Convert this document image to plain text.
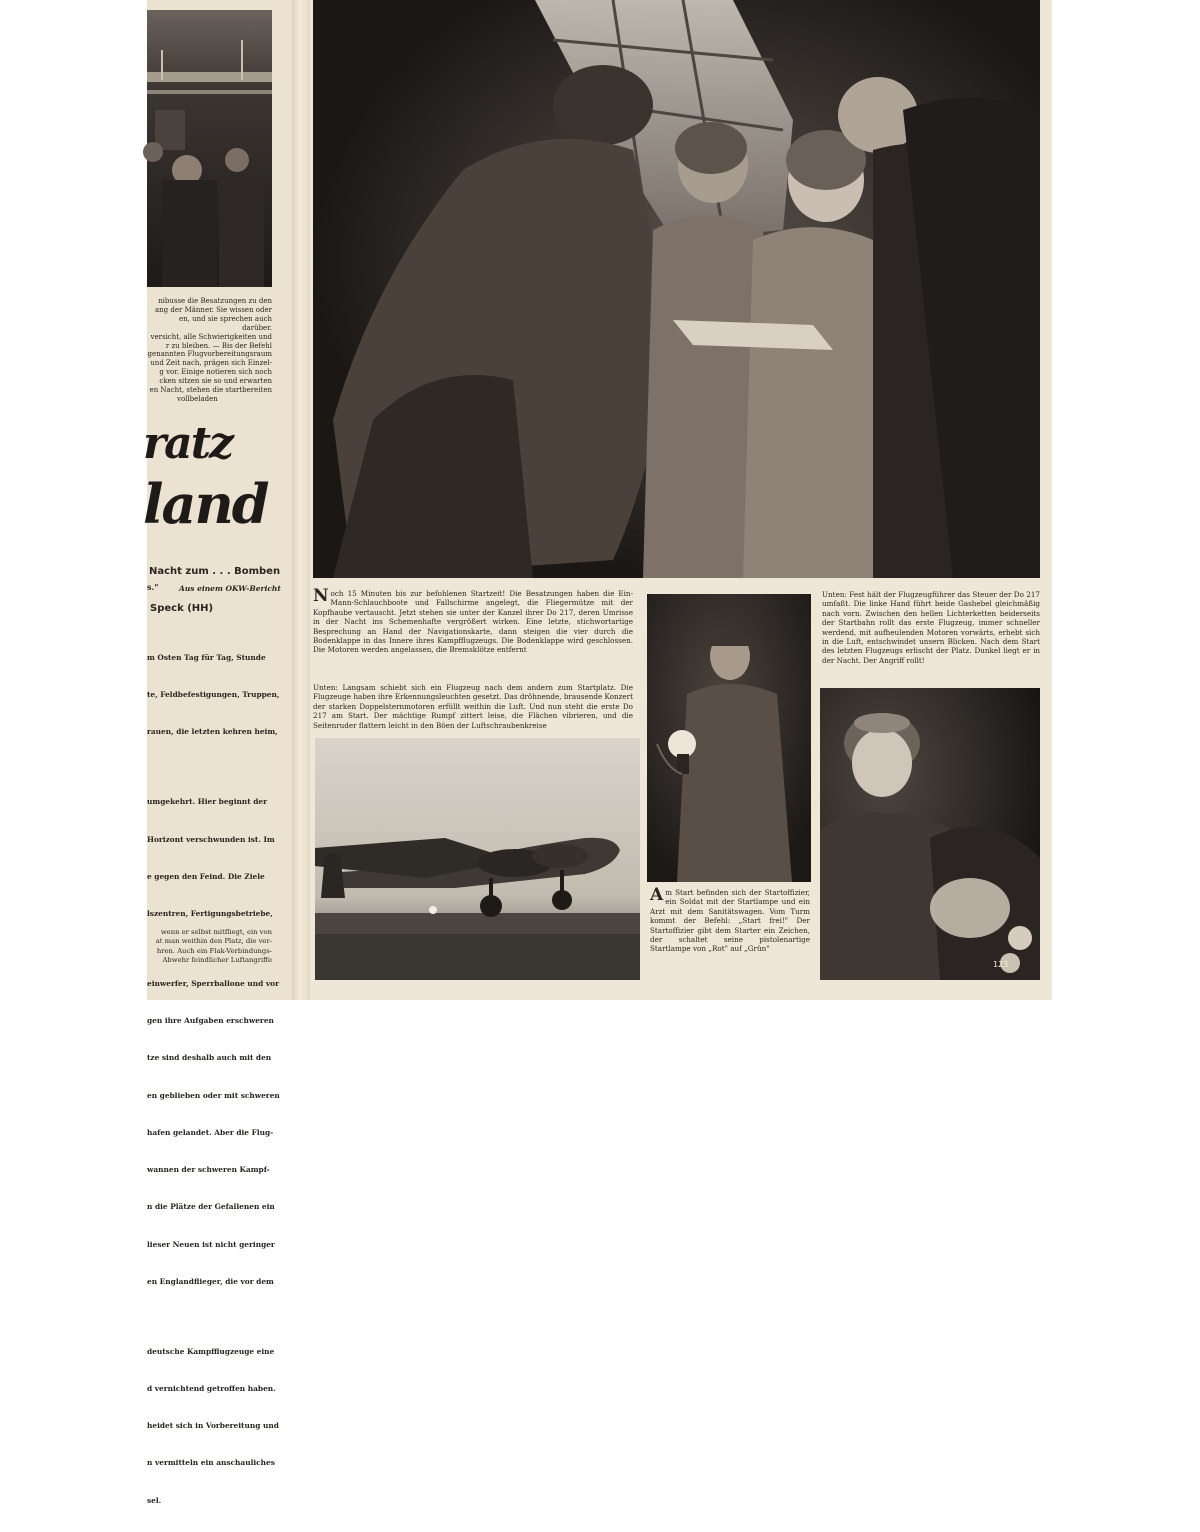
nibusse die Besatzungen zu den
ang der Männer. Sie wissen oder
en, und sie sprechen auch darüber.
versicht, alle Schwierigkeiten und
r zu bleiben. — Bis der Befehl
genannten Flugvorbereitungsraum
und Zeit nach, prägen sich Einzel-
g vor. Einige notieren sich noch
cken sitzen sie so und erwarten
en Nacht, stehen die startbereiten
vollbeladen
ratz
land
Nacht zum . . . Bomben
s."	Aus einem OKW-Bericht
Speck (HH)

m Osten Tag für Tag, Stunde

te, Feldbefestigungen, Truppen,

rauen, die letzten kehren heim,

umgekehrt. Hier beginnt der

Horizont verschwunden ist. Im

e gegen den Feind. Die Ziele

lszentren, Fertigungsbetriebe,

einwerfer, Sperrballone und vor

gen ihre Aufgaben erschweren

tze sind deshalb auch mit den

en geblieben oder mit schweren

hafen gelandet. Aber die Flug-

wannen der schweren Kampf-

n die Plätze der Gefallenen ein

lieser Neuen ist nicht geringer

en Englandflieger, die vor dem

deutsche Kampfflugzeuge eine

d vernichtend getroffen haben.

heidet sich in Vorbereitung und

n vermitteln ein anschauliches

sel.

wenn er selbst mitfliegt, ein von
at man weithin den Platz, die ver-
hren. Auch ein Flak-Verbindungs-
Abwehr feindlicher Luftangriffe
Noch 15 Minuten bis zur befohlenen Startzeit! Die Besatzungen haben die Ein-Mann-Schlauchboote und Fallschirme angelegt, die Fliegermütze mit der Kopfhaube vertauscht. Jetzt stehen sie unter der Kanzel ihrer Do 217, deren Umrisse in der Nacht ins Schemenhafte vergrößert wirken. Eine letzte, stichwortartige Besprechung an Hand der Navigationskarte, dann steigen die vier durch die Bodenklappe in das Innere ihres Kampfflugzeugs. Die Bodenklappe wird geschlossen. Die Motoren werden angelassen, die Bremsklötze entfernt
Unten: Langsam schiebt sich ein Flugzeug nach dem andern zum Startplatz. Die Flugzeuge haben ihre Erkennungsleuchten gesetzt. Das dröhnende, brausende Konzert der starken Doppelsternmotoren erfüllt weithin die Luft. Und nun steht die erste Do 217 am Start. Der mächtige Rumpf zittert leise, die Flächen vibrieren, und die Seitenruder flattern leicht in den Böen der Luftschraubenkreise
Am Start befinden sich der Startoffizier, ein Soldat mit der Startlampe und ein Arzt mit dem Sanitätswagen. Vom Turm kommt der Befehl: „Start frei!" Der Startoffizier gibt dem Starter ein Zeichen, der schaltet seine pistolenartige Startlampe von „Rot" auf „Grün"
Unten: Fest hält der Flugzeugführer das Steuer der Do 217 umfaßt. Die linke Hand führt beide Gashebel gleichmäßig nach vorn. Zwischen den hellen Lichterketten beiderseits der Startbahn rollt das erste Flugzeug, immer schneller werdend, mit aufheulenden Motoren vorwärts, erhebt sich in die Luft, entschwindet unsern Blicken. Nach dem Start des letzten Flugzeugs erlischt der Platz. Dunkel liegt er in der Nacht. Der Angriff rollt!
123
